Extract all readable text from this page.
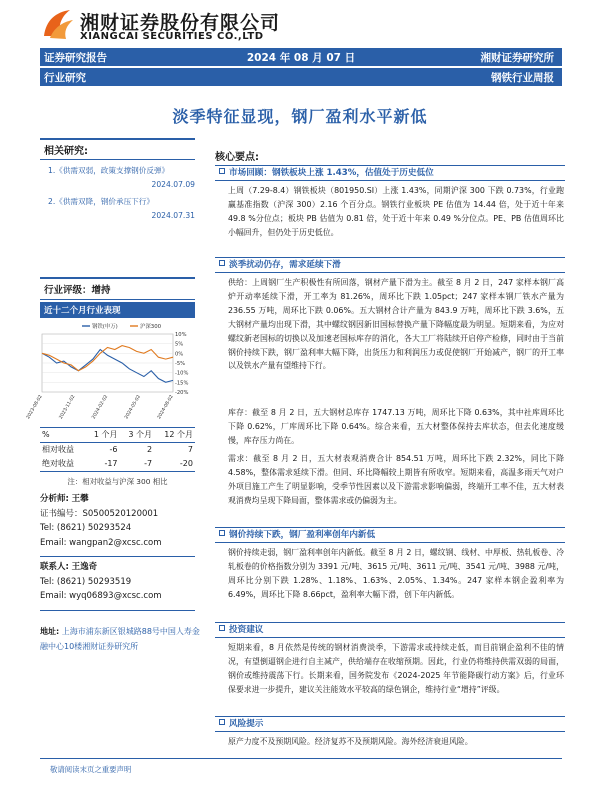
湘财证券股份有限公司
XIANGCAI SECURITIES CO.,LTD
证券研究报告	2024 年 08 月 07 日	湘财证券研究所
行业研究	钢铁行业周报
淡季特征显现，钢厂盈利水平新低
相关研究:
1.《供需双弱，政策支撑钢价反弹》
2024.07.09
2.《供需双降，钢价承压下行》
2024.07.31
行业评级：增持
近十二个月行业表现
10%
5%
0%
-5%
-10%
-15%
-20%
2023-08-02	2023-11-02	2024-02-02	2024-05-02	2024-08-02
钢铁(申万)	沪深300
%	1 个月	3 个月	12 个月
相对收益	-6	2	7
绝对收益	-17	-7	-20
注：相对收益与沪深 300 相比
分析师: 王攀
证书编号：S0500520120001
Tel: (8621) 50293524
Email: wangpan2@xcsc.com
联系人: 王逸奇
Tel: (8621) 50293519
Email: wyq06893@xcsc.com
地址: 上海市浦东新区银城路88号中国人寿金融中心10楼湘财证券研究所
核心要点:
市场回顾：钢铁板块上涨 1.43%，估值处于历史低位
上周（7.29-8.4）钢铁板块（801950.SI）上涨 1.43%，同期沪深 300 下跌 0.73%，行业跑赢基准指数（沪深 300）2.16 个百分点。钢铁行业板块 PE 估值为 14.44 倍，处于近十年来 49.8 %分位点；板块 PB 估值为 0.81 倍，处于近十年来 0.49 %分位点。PE、PB 估值周环比小幅回升，但仍处于历史低位。
淡季扰动仍存，需求延续下滑
供给：上周钢厂生产积极性有所回落，钢材产量下滑为主。截至 8 月 2 日，247 家样本钢厂高炉开动率延续下滑，开工率为 81.26%，周环比下跌 1.05pct；247 家样本钢厂铁水产量为 236.55 万吨，周环比下跌 0.06%。五大钢材合计产量为 843.9 万吨，周环比下跌 3.6%，五大钢材产量均出现下滑，其中螺纹钢因新旧国标替换产量下降幅度最为明显。短期来看，为应对螺纹新老国标的切换以及加速老国标库存的消化，各大工厂将陆续开启停产检修，同时由于当前钢价持续下跌，钢厂盈利率大幅下降，出货压力和利润压力或促使钢厂开始减产，钢厂的开工率以及铁水产量有望维持下行。
库存：截至 8 月 2 日，五大钢材总库存 1747.13 万吨，周环比下降 0.63%，其中社库周环比下降 0.62%，厂库周环比下降 0.64%。综合来看，五大材整体保持去库状态，但去化速度缓慢，库存压力尚在。
需求：截至 8 月 2 日，五大材表观消费合计 854.51 万吨，周环比下跌 2.32%，同比下降 4.58%，整体需求延续下滑。但同、环比降幅较上期皆有所收窄。短期来看，高温多雨天气对户外项目施工产生了明显影响，受季节性因素以及下游需求影响偏弱，终端开工率不佳，五大材表观消费均呈现下降局面，整体需求或仍偏弱为主。
钢价持续下跌，钢厂盈利率创年内新低
钢价持续走弱，钢厂盈利率创年内新低。截至 8 月 2 日，螺纹钢、线材、中厚板、热轧板卷、冷轧板卷的价格指数分别为 3391 元/吨、3615 元/吨、3611 元/吨、3541 元/吨、3988 元/吨，周环比分别下跌 1.28%、1.18%、1.63%、2.05%、1.34%。247 家样本钢企盈利率为 6.49%，周环比下降 8.66pct，盈利率大幅下滑，创下年内新低。
投资建议
短期来看，8 月依然是传统的钢材消费淡季，下游需求或持续走低，而目前钢企盈利不佳的情况，有望倒逼钢企进行自主减产，供给端存在收缩预期。因此，行业仍将维持供需双弱的局面，钢价或维持震荡下行。长期来看，国务院发布《2024-2025 年节能降碳行动方案》后，行业环保要求进一步提升，建议关注能效水平较高的绿色钢企，维持行业“增持”评级。
风险提示
原产力度不及预期风险。经济复苏不及预期风险。海外经济衰退风险。
敬请阅读末页之重要声明
